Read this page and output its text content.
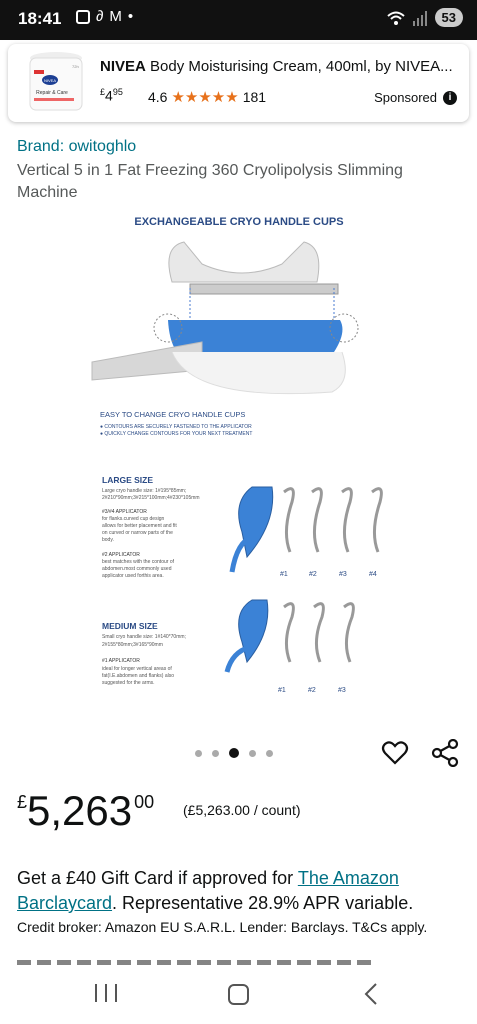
18:41 ∂ M •	53
NIVEA
Repair & Care
72h NIVEA Body Moisturising Cream, 400ml, by NIVEA...
$^£4^{95}$ 4.6 ★★★★★ 181	Sponsored	i
Brand: owitoghlo
Vertical 5 in 1 Fat Freezing 360 Cryolipolysis Slimming Machine
EXCHANGEABLE CRYO HANDLE CUPS
EASY TO CHANGE CRYO HANDLE CUPS
● CONTOURS ARE SECURELY FASTENED TO THE APPLICATOR
● QUICKLY CHANGE CONTOURS FOR YOUR NEXT TREATMENT
LARGE SIZE
Large cryo handle size: 1#195*85mm;
2#210*90mm;3#215*100mm;4#230*105mm
#3/#4 APPLICATOR
for flanks.curved cup design
allows for better placement and fit
on curved or narrow parts of the
body.
#2 APPLICATOR
best matches with the contour of
abdomen.most commonly used
applicator used forthis area.	#1	#2	#3	#4
MEDIUM SIZE
Small cryo handle size: 1#140*70mm;
2#155*80mm;3#165*90mm
#1 APPLICATOR
ideal for longer vertical areas of
fat(I.E.abdomen and flanks) also
suggested for the arms.
#1	#2	#3
£ 5,263 00 (£5,263.00 / count)
Get a £40 Gift Card if approved for The Amazon Barclaycard. Representative 28.9% APR variable.
Credit broker: Amazon EU S.A.R.L. Lender: Barclays. T&Cs apply.
